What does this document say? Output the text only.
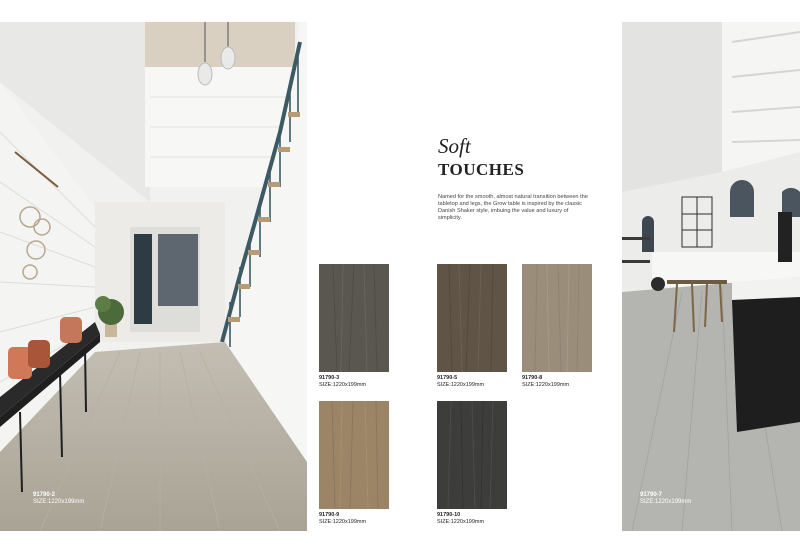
91790-2
SIZE:1220x199mm
Soft
TOUCHES
Named for the smooth, almost natural transition between the tabletop and legs, the Grow table is inspired by the classic Danish Shaker style, imbuing the value and luxury of simplicity.
91790-3
SIZE:1220x199mm
91790-5
SIZE:1220x199mm
91790-8
SIZE:1220x199mm
91790-9
SIZE:1220x199mm
91790-10
SIZE:1220x199mm
91790-7
SIZE:1220x199mm
